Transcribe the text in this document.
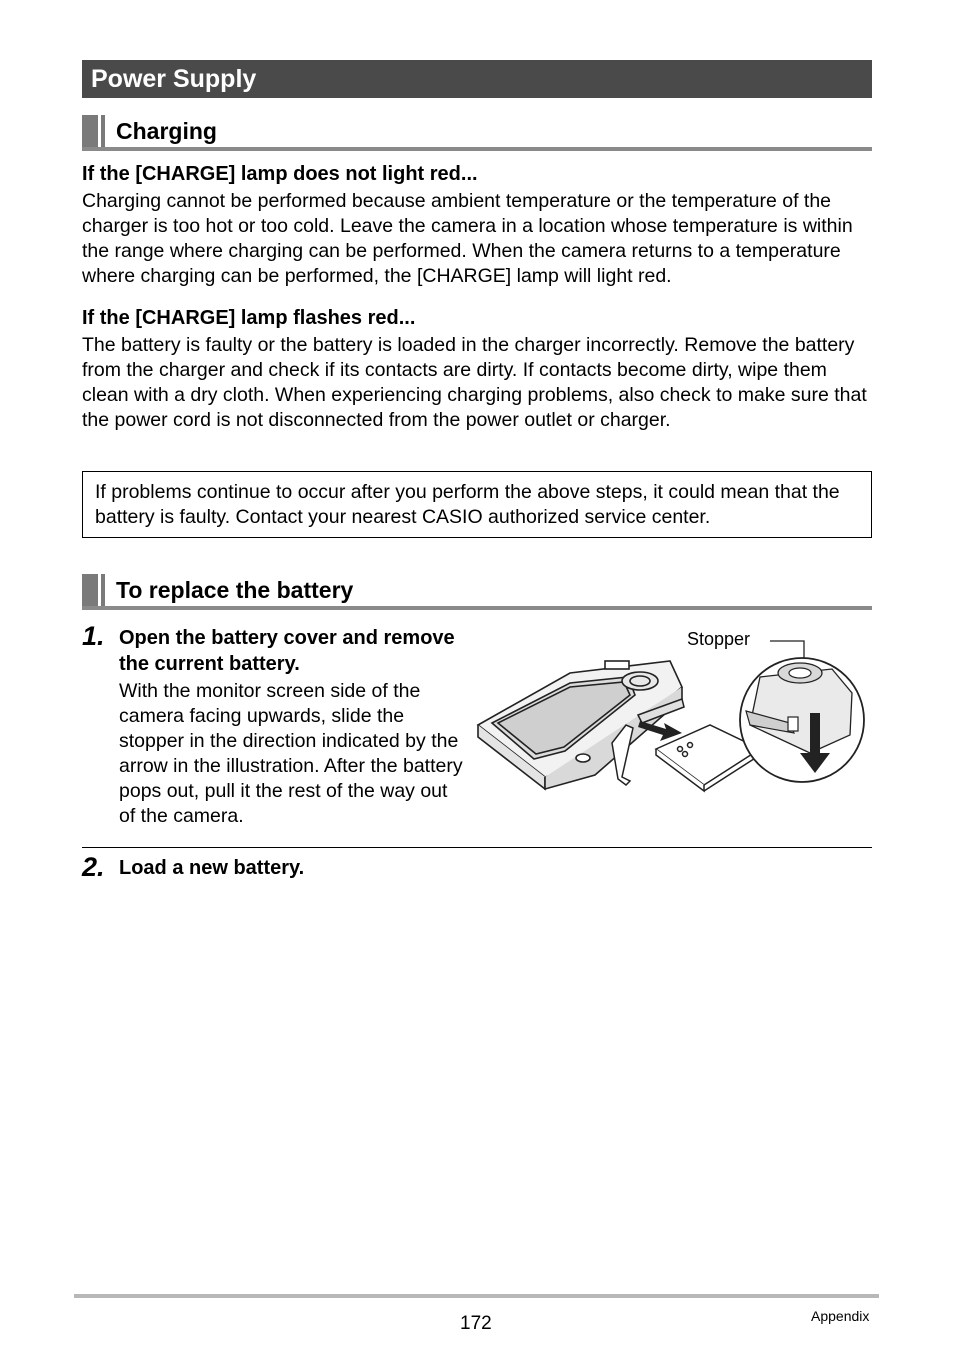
Power Supply
Charging
If the [CHARGE] lamp does not light red...

Charging cannot be performed because ambient temperature or the temperature of the charger is too hot or too cold. Leave the camera in a location whose temperature is within the range where charging can be performed. When the camera returns to a temperature where charging can be performed, the [CHARGE] lamp will light red.

If the [CHARGE] lamp flashes red...

The battery is faulty or the battery is loaded in the charger incorrectly. Remove the battery from the charger and check if its contacts are dirty. If contacts become dirty, wipe them clean with a dry cloth. When experiencing charging problems, also check to make sure that the power cord is not disconnected from the power outlet or charger.

If problems continue to occur after you perform the above steps, it could mean that the battery is faulty. Contact your nearest CASIO authorized service center.
To replace the battery
1. Open the battery cover and remove the current battery.

With the monitor screen side of the camera facing upwards, slide the stopper in the direction indicated by the arrow in the illustration. After the battery pops out, pull it the rest of the way out of the camera.

Stopper
2. Load a new battery.
172	Appendix
